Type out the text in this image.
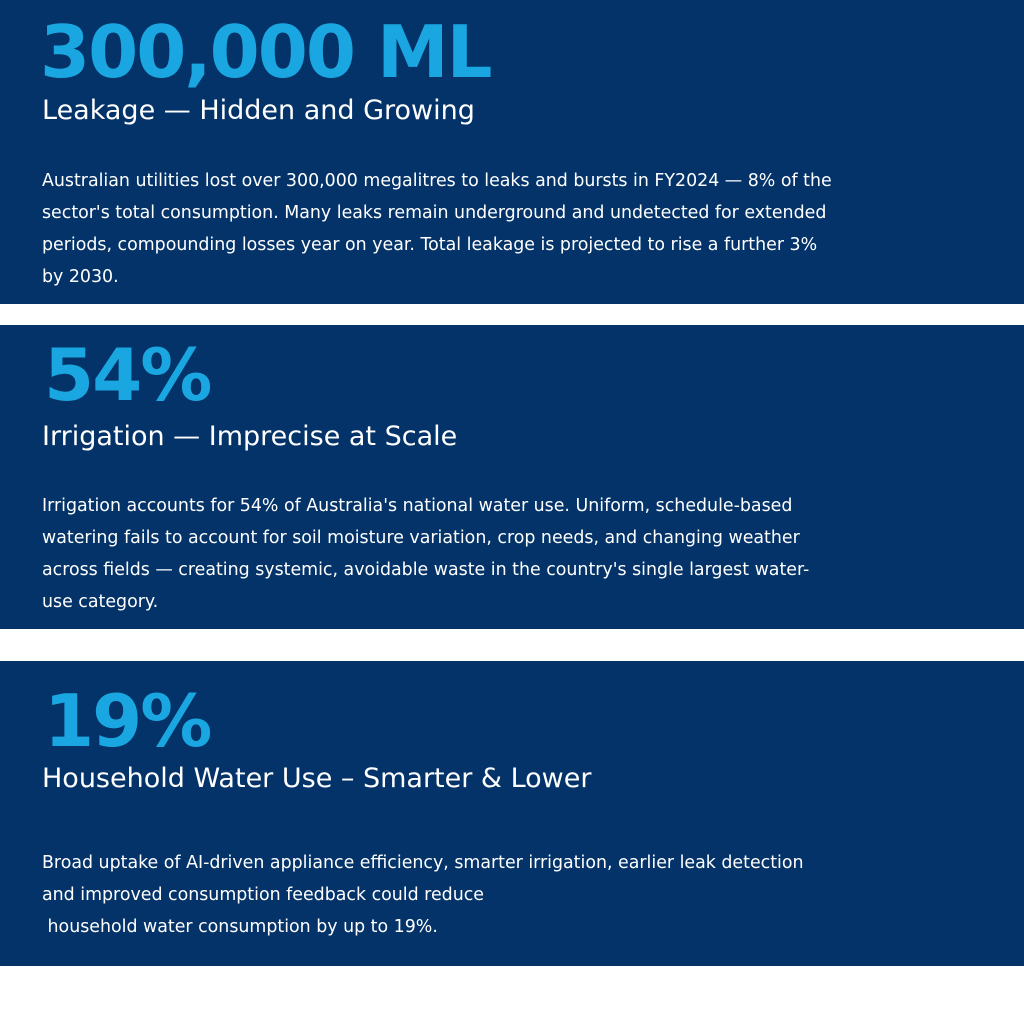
300,000 ML
Leakage — Hidden and Growing

Australian utilities lost over 300,000 megalitres to leaks and bursts in FY2024 — 8% of the
sector's total consumption. Many leaks remain underground and undetected for extended
periods, compounding losses year on year. Total leakage is projected to rise a further 3%
by 2030.

54%
Irrigation — Imprecise at Scale

Irrigation accounts for 54% of Australia's national water use. Uniform, schedule-based
watering fails to account for soil moisture variation, crop needs, and changing weather
across fields — creating systemic, avoidable waste in the country's single largest water-
use category.

19%
Household Water Use – Smarter & Lower

Broad uptake of AI-driven appliance efficiency, smarter irrigation, earlier leak detection
and improved consumption feedback could reduce
household water consumption by up to 19%.
